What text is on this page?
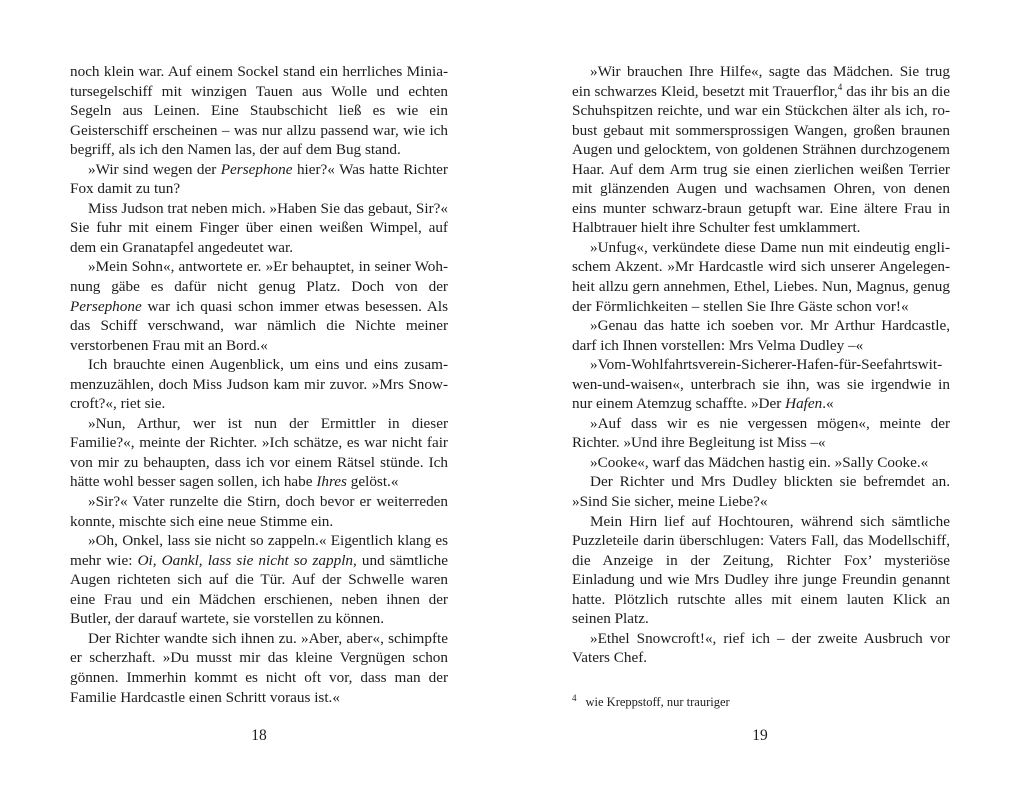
noch klein war. Auf einem Sockel stand ein herrliches Miniatursegelschiff mit winzigen Tauen aus Wolle und echten Segeln aus Leinen. Eine Staubschicht ließ es wie ein Geisterschiff erscheinen – was nur allzu passend war, wie ich begriff, als ich den Namen las, der auf dem Bug stand.

»Wir sind wegen der Persephone hier?« Was hatte Richter Fox damit zu tun?

Miss Judson trat neben mich. »Haben Sie das gebaut, Sir?« Sie fuhr mit einem Finger über einen weißen Wimpel, auf dem ein Granatapfel angedeutet war.

»Mein Sohn«, antwortete er. »Er behauptet, in seiner Wohnung gäbe es dafür nicht genug Platz. Doch von der Persephone war ich quasi schon immer etwas besessen. Als das Schiff verschwand, war nämlich die Nichte meiner verstorbenen Frau mit an Bord.«

Ich brauchte einen Augenblick, um eins und eins zusammenzuzählen, doch Miss Judson kam mir zuvor. »Mrs Snowcroft?«, riet sie.

»Nun, Arthur, wer ist nun der Ermittler in dieser Familie?«, meinte der Richter. »Ich schätze, es war nicht fair von mir zu behaupten, dass ich vor einem Rätsel stünde. Ich hätte wohl besser sagen sollen, ich habe Ihres gelöst.«

»Sir?« Vater runzelte die Stirn, doch bevor er weiterreden konnte, mischte sich eine neue Stimme ein.

»Oh, Onkel, lass sie nicht so zappeln.« Eigentlich klang es mehr wie: Oi, Oankl, lass sie nicht so zappln, und sämtliche Augen richteten sich auf die Tür. Auf der Schwelle waren eine Frau und ein Mädchen erschienen, neben ihnen der Butler, der darauf wartete, sie vorstellen zu können.

Der Richter wandte sich ihnen zu. »Aber, aber«, schimpfte er scherzhaft. »Du musst mir das kleine Vergnügen schon gönnen. Immerhin kommt es nicht oft vor, dass man der Familie Hardcastle einen Schritt voraus ist.«

»Wir brauchen Ihre Hilfe«, sagte das Mädchen. Sie trug ein schwarzes Kleid, besetzt mit Trauerflor,$^4$ das ihr bis an die Schuhspitzen reichte, und war ein Stückchen älter als ich, robust gebaut mit sommersprossigen Wangen, großen braunen Augen und gelocktem, von goldenen Strähnen durchzogenem Haar. Auf dem Arm trug sie einen zierlichen weißen Terrier mit glänzenden Augen und wachsamen Ohren, von denen eins munter schwarz-braun getupft war. Eine ältere Frau in Halbtrauer hielt ihre Schulter fest umklammert.

»Unfug«, verkündete diese Dame nun mit eindeutig englischem Akzent. »Mr Hardcastle wird sich unserer Angelegenheit allzu gern annehmen, Ethel, Liebes. Nun, Magnus, genug der Förmlichkeiten – stellen Sie Ihre Gäste schon vor!«

»Genau das hatte ich soeben vor. Mr Arthur Hardcastle, darf ich Ihnen vorstellen: Mrs Velma Dudley –«

»Vom-Wohlfahrtsverein-Sicherer-Hafen-für-Seefahrtswitwen-und-waisen«, unterbrach sie ihn, was sie irgendwie in nur einem Atemzug schaffte. »Der Hafen.«

»Auf dass wir es nie vergessen mögen«, meinte der Richter. »Und ihre Begleitung ist Miss –«

»Cooke«, warf das Mädchen hastig ein. »Sally Cooke.«

Der Richter und Mrs Dudley blickten sie befremdet an. »Sind Sie sicher, meine Liebe?«

Mein Hirn lief auf Hochtouren, während sich sämtliche Puzzleteile darin überschlugen: Vaters Fall, das Modellschiff, die Anzeige in der Zeitung, Richter Fox’ mysteriöse Einladung und wie Mrs Dudley ihre junge Freundin genannt hatte. Plötzlich rutschte alles mit einem lauten Klick an seinen Platz.

»Ethel Snowcroft!«, rief ich – der zweite Ausbruch vor Vaters Chef.

$^4$ wie Kreppstoff, nur trauriger
18	19
